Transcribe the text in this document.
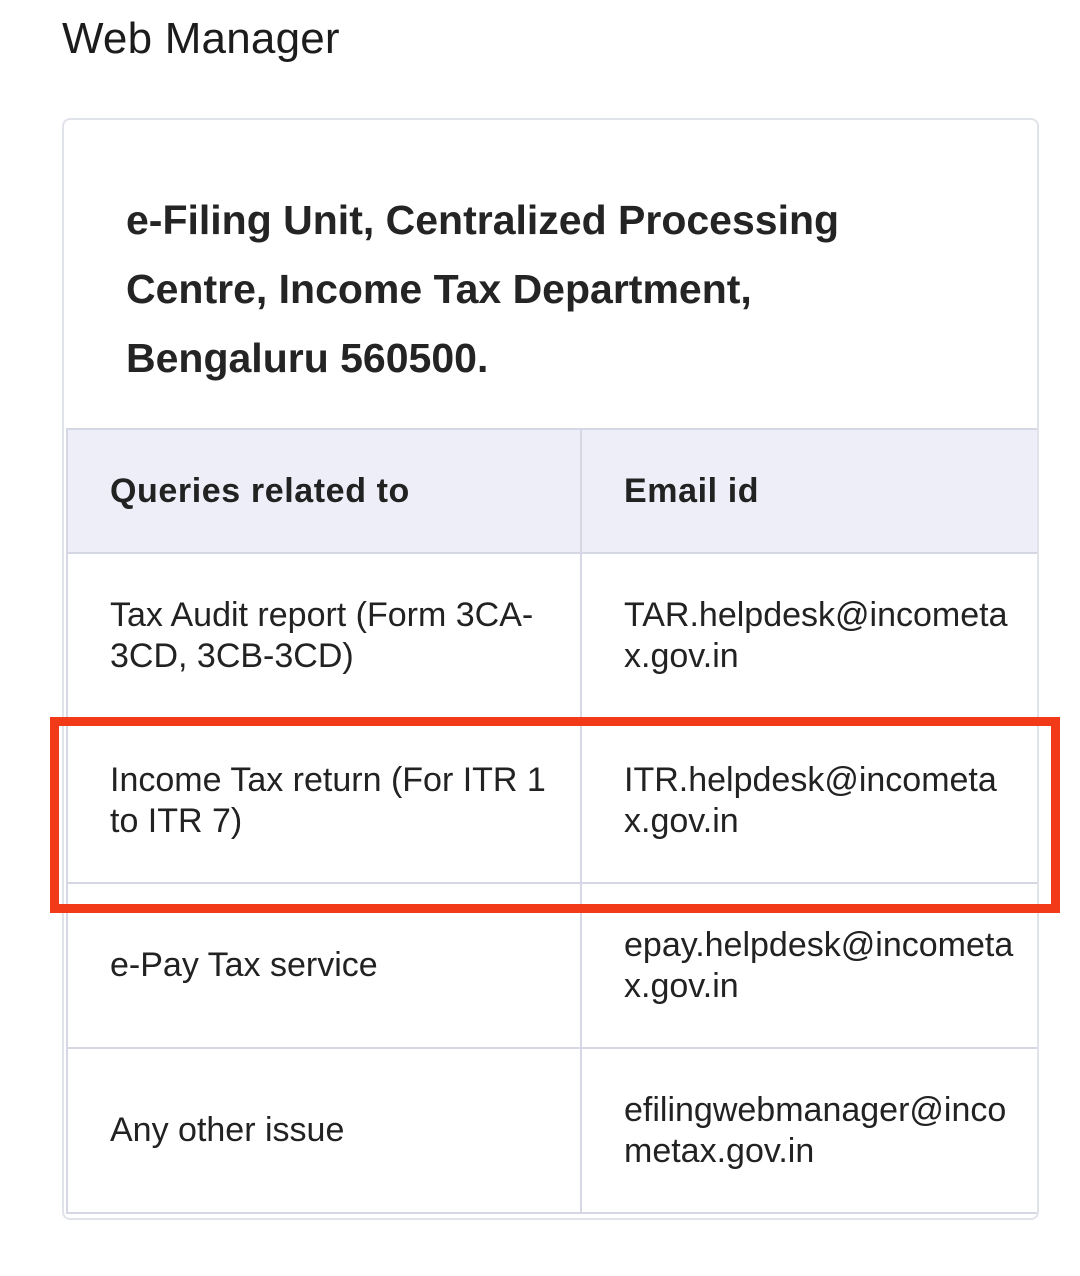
Web Manager

e-Filing Unit, Centralized Processing Centre, Income Tax Department, Bengaluru 560500.

Queries related to	Email id
Tax Audit report (Form 3CA-3CD, 3CB-3CD)	TAR.helpdesk@incometax.gov.in
Income Tax return (For ITR 1 to ITR 7)	ITR.helpdesk@incometax.gov.in
e-Pay Tax service	epay.helpdesk@incometax.gov.in
Any other issue	efilingwebmanager@incometax.gov.in
